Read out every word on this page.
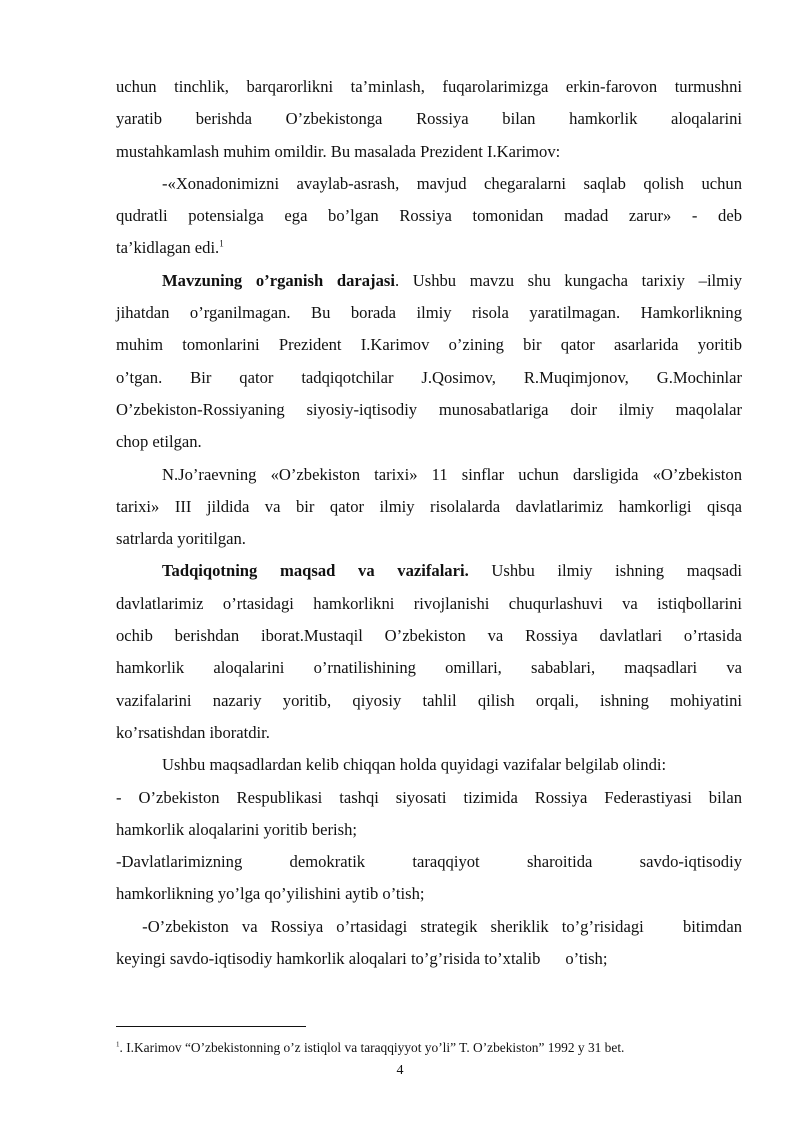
uchun tinchlik, barqarorlikni ta’minlash, fuqarolarimizga erkin-farovon turmushni

yaratib berishda O’zbekistonga Rossiya bilan hamkorlik aloqalarini

mustahkamlash muhim omildir. Bu masalada Prezident I.Karimov:

-«Xonadonimizni avaylab-asrash, mavjud chegaralarni saqlab qolish uchun

qudratli potensialga ega bo’lgan Rossiya tomonidan madad zarur» - deb

ta’kidlagan edi.$^1$

Mavzuning o’rganish darajasi. Ushbu mavzu shu kungacha tarixiy –ilmiy

jihatdan o’rganilmagan. Bu borada ilmiy risola yaratilmagan. Hamkorlikning

muhim tomonlarini Prezident I.Karimov o’zining bir qator asarlarida yoritib

o’tgan. Bir qator tadqiqotchilar J.Qosimov, R.Muqimjonov, G.Mochinlar

O’zbekiston-Rossiyaning siyosiy-iqtisodiy munosabatlariga doir ilmiy maqolalar

chop etilgan.

N.Jo’raevning «O’zbekiston tarixi» 11 sinflar uchun darsligida «O’zbekiston

tarixi» III jildida va bir qator ilmiy risolalarda davlatlarimiz hamkorligi qisqa

satrlarda yoritilgan.

Tadqiqotning maqsad va vazifalari. Ushbu ilmiy ishning maqsadi

davlatlarimiz o’rtasidagi hamkorlikni rivojlanishi chuqurlashuvi va istiqbollarini

ochib berishdan iborat.Mustaqil O’zbekiston va Rossiya davlatlari o’rtasida

hamkorlik aloqalarini o’rnatilishining omillari, sabablari, maqsadlari va

vazifalarini nazariy yoritib, qiyosiy tahlil qilish orqali, ishning mohiyatini

ko’rsatishdan iboratdir.

Ushbu maqsadlardan kelib chiqqan holda quyidagi vazifalar belgilab olindi:

- O’zbekiston Respublikasi tashqi siyosati tizimida Rossiya Federastiyasi bilan

hamkorlik aloqalarini yoritib berish;

-Davlatlarimizning demokratik taraqqiyot sharoitida savdo-iqtisodiy

hamkorlikning yo’lga qo’yilishini aytib o’tish;

-O’zbekiston va Rossiya o’rtasidagi strategik sheriklik to’g’risidagi   bitimdan

keyingi savdo-iqtisodiy hamkorlik aloqalari to’g’risida to’xtalib      o’tish;

$^1$. I.Karimov “O’zbekistonning o’z istiqlol va taraqqiyyot yo’li” T. O’zbekiston” 1992 y 31 bet.

4
